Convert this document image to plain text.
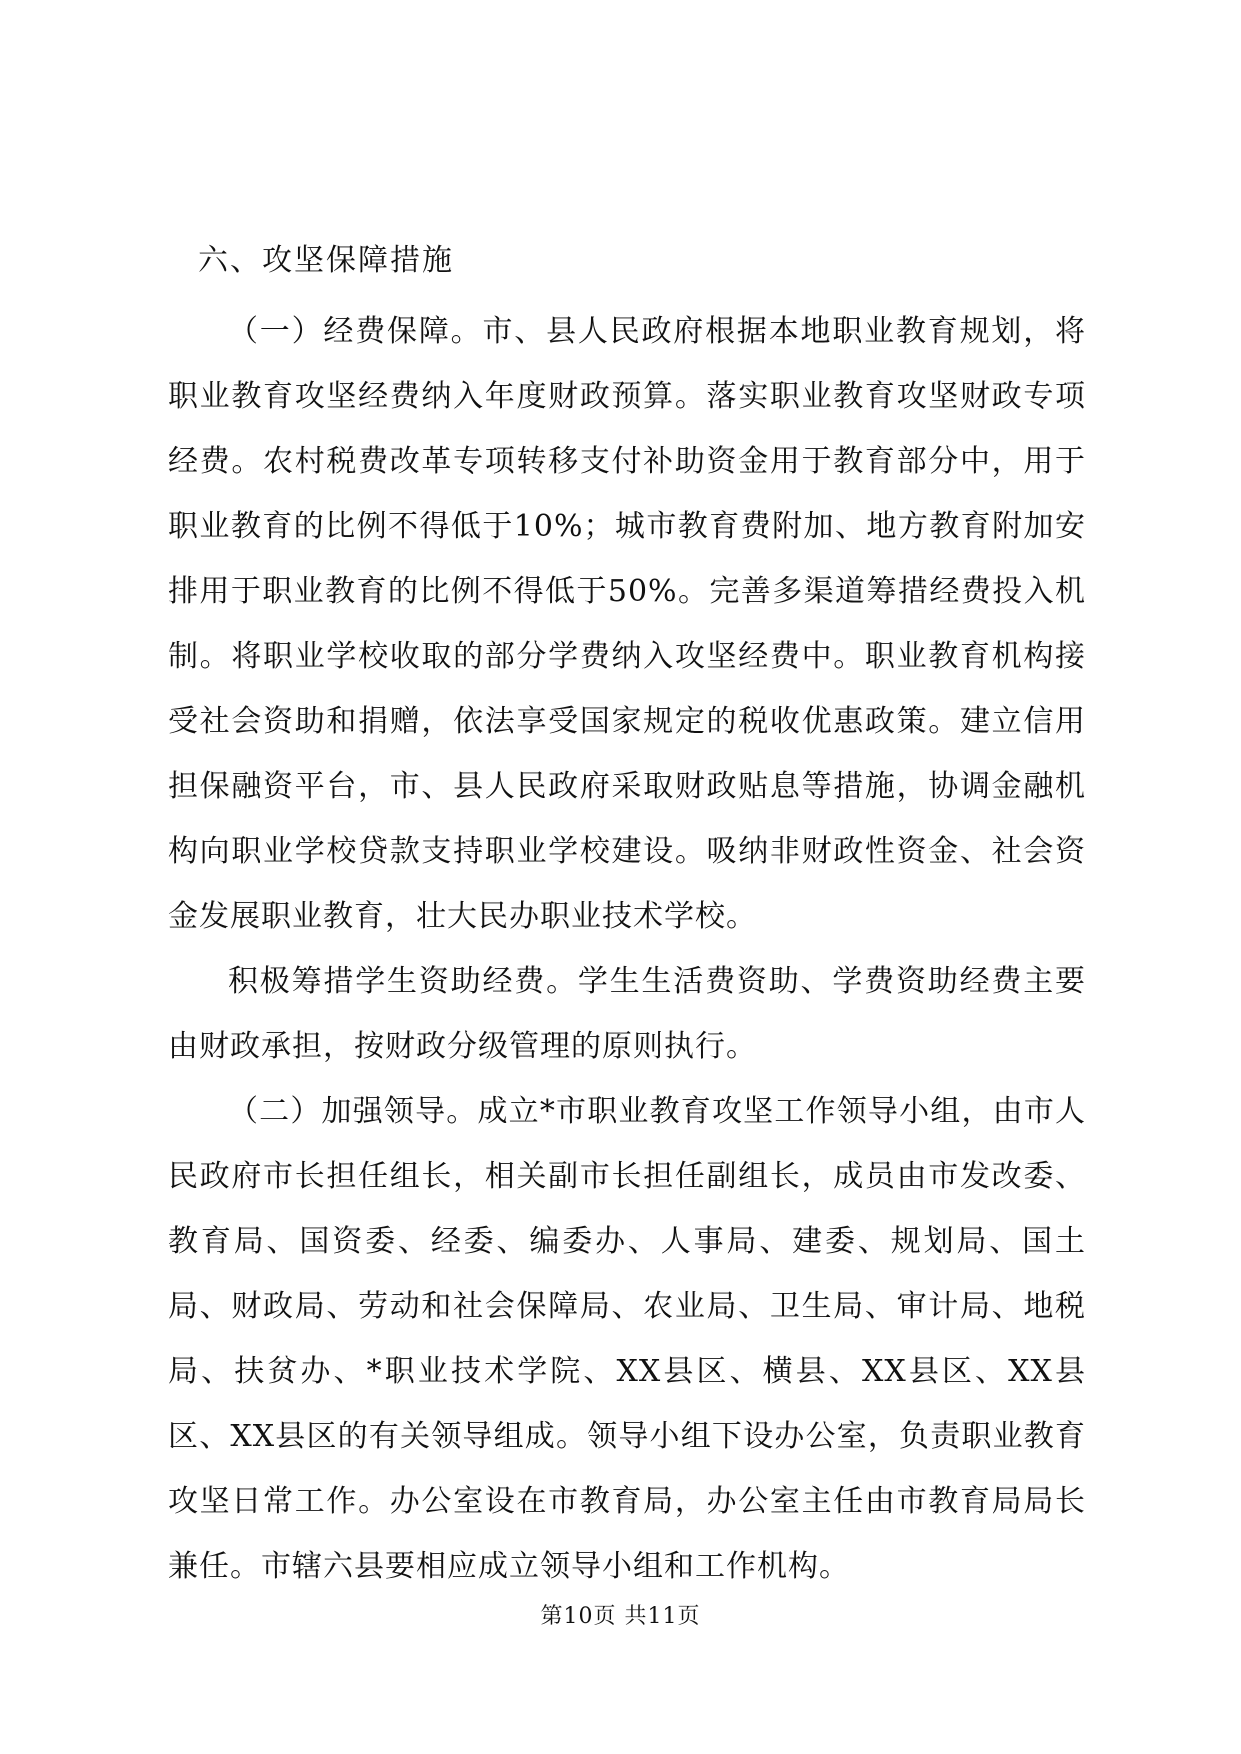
六、攻坚保障措施

（一）经费保障。市、县人民政府根据本地职业教育规划，将职业教育攻坚经费纳入年度财政预算。落实职业教育攻坚财政专项经费。农村税费改革专项转移支付补助资金用于教育部分中，用于职业教育的比例不得低于10%；城市教育费附加、地方教育附加安排用于职业教育的比例不得低于50%。完善多渠道筹措经费投入机制。将职业学校收取的部分学费纳入攻坚经费中。职业教育机构接受社会资助和捐赠，依法享受国家规定的税收优惠政策。建立信用担保融资平台，市、县人民政府采取财政贴息等措施，协调金融机构向职业学校贷款支持职业学校建设。吸纳非财政性资金、社会资金发展职业教育，壮大民办职业技术学校。

积极筹措学生资助经费。学生生活费资助、学费资助经费主要由财政承担，按财政分级管理的原则执行。

（二）加强领导。成立*市职业教育攻坚工作领导小组，由市人民政府市长担任组长，相关副市长担任副组长，成员由市发改委、教育局、国资委、经委、编委办、人事局、建委、规划局、国土局、财政局、劳动和社会保障局、农业局、卫生局、审计局、地税局、扶贫办、*职业技术学院、XX县区、横县、XX县区、XX县区、XX县区的有关领导组成。领导小组下设办公室，负责职业教育攻坚日常工作。办公室设在市教育局，办公室主任由市教育局局长兼任。市辖六县要相应成立领导小组和工作机构。

第10页 共11页
